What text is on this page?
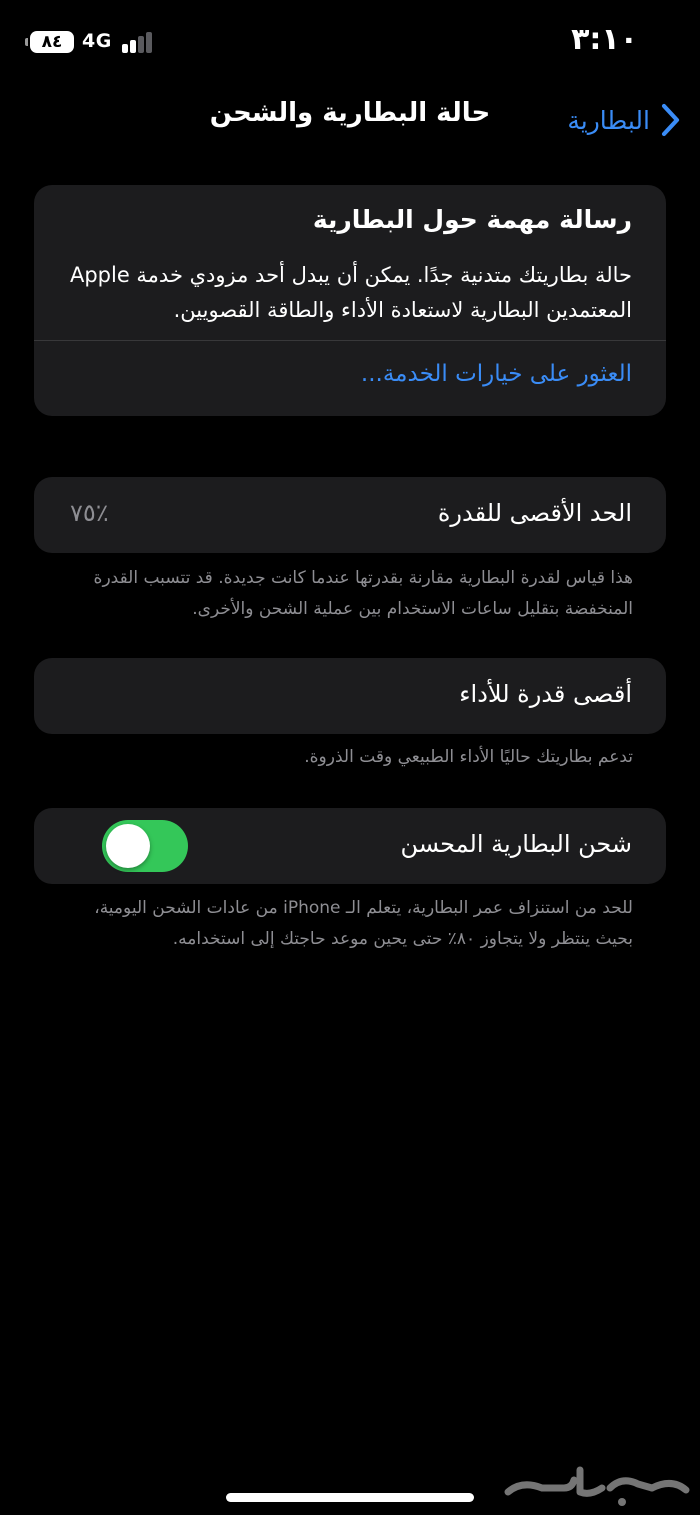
٨٤	4G	٣:١٠
البطارية
حالة البطارية والشحن
رسالة مهمة حول البطارية
حالة بطاريتك متدنية جدًا. يمكن أن يبدل أحد مزودي خدمة Apple المعتمدين البطارية لاستعادة الأداء والطاقة القصويين.
العثور على خيارات الخدمة...
الحد الأقصى للقدرة
٪٧٥
هذا قياس لقدرة البطارية مقارنة بقدرتها عندما كانت جديدة. قد تتسبب القدرة المنخفضة بتقليل ساعات الاستخدام بين عملية الشحن والأخرى.
أقصى قدرة للأداء
تدعم بطاريتك حاليًا الأداء الطبيعي وقت الذروة.
شحن البطارية المحسن
للحد من استنزاف عمر البطارية، يتعلم الـ iPhone من عادات الشحن اليومية، بحيث ينتظر ولا يتجاوز ٨٠٪ حتى يحين موعد حاجتك إلى استخدامه.
